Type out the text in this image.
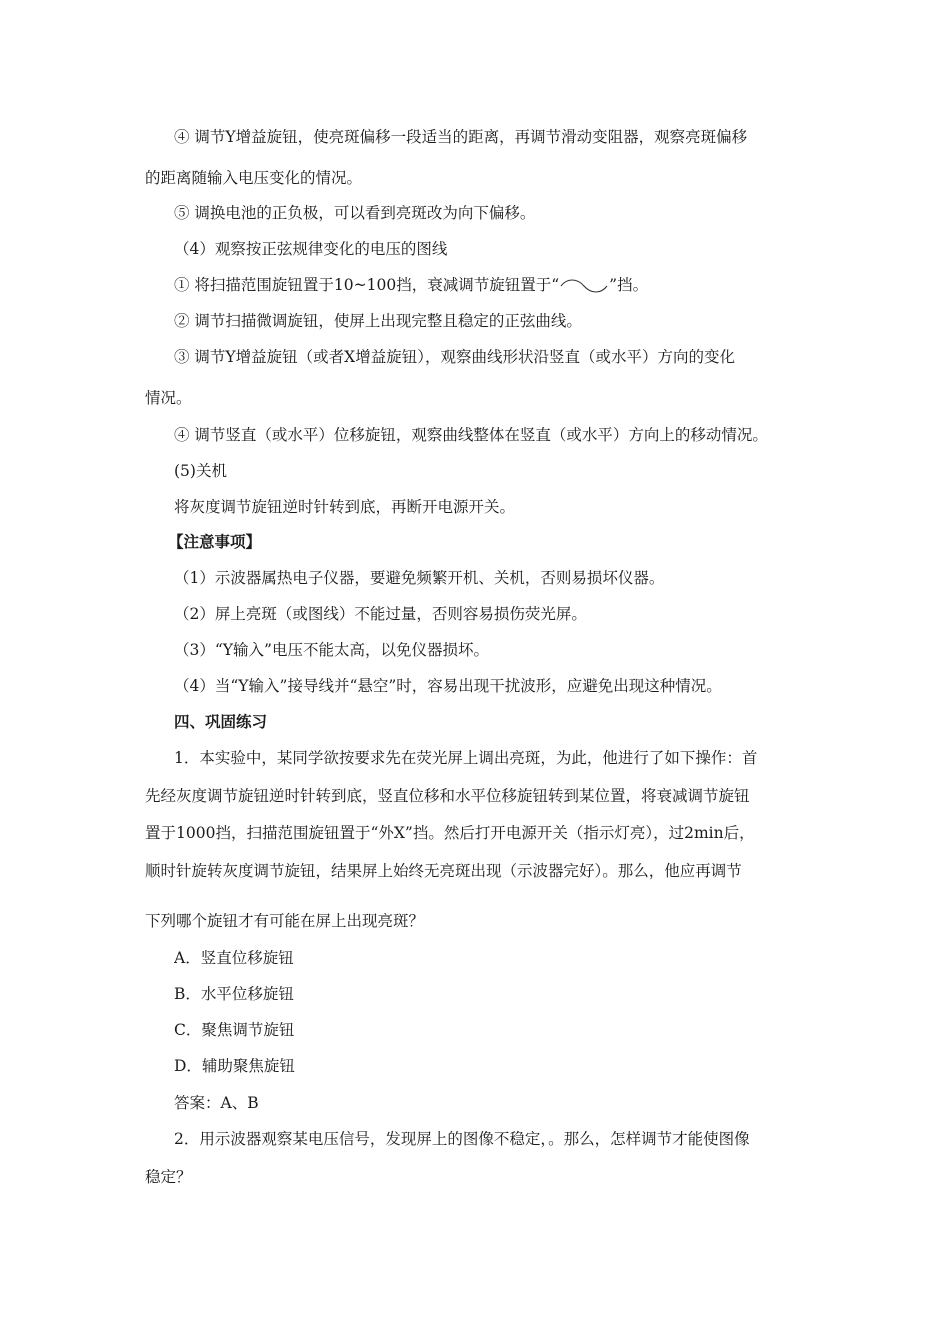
④ 调节Y增益旋钮，使亮斑偏移一段适当的距离，再调节滑动变阻器，观察亮斑偏移
的距离随输入电压变化的情况。
⑤ 调换电池的正负极，可以看到亮斑改为向下偏移。
（4）观察按正弦规律变化的电压的图线
① 将扫描范围旋钮置于10~100挡，衰减调节旋钮置于“	”挡。
② 调节扫描微调旋钮，使屏上出现完整且稳定的正弦曲线。
③ 调节Y增益旋钮（或者X增益旋钮），观察曲线形状沿竖直（或水平）方向的变化
情况。
④ 调节竖直（或水平）位移旋钮，观察曲线整体在竖直（或水平）方向上的移动情况。
(5)关机
将灰度调节旋钮逆时针转到底，再断开电源开关。
【注意事项】
（1）示波器属热电子仪器，要避免频繁开机、关机，否则易损坏仪器。
（2）屏上亮斑（或图线）不能过量，否则容易损伤荧光屏。
（3）“Y输入”电压不能太高，以免仪器损坏。
（4）当“Y输入”接导线并“悬空”时，容易出现干扰波形，应避免出现这种情况。
四、巩固练习
1．本实验中，某同学欲按要求先在荧光屏上调出亮斑，为此，他进行了如下操作：首
先经灰度调节旋钮逆时针转到底，竖直位移和水平位移旋钮转到某位置，将衰减调节旋钮
置于1000挡，扫描范围旋钮置于“外X”挡。然后打开电源开关（指示灯亮），过2min后，
顺时针旋转灰度调节旋钮，结果屏上始终无亮斑出现（示波器完好）。那么，他应再调节
下列哪个旋钮才有可能在屏上出现亮斑？
A．竖直位移旋钮
B．水平位移旋钮
C．聚焦调节旋钮
D．辅助聚焦旋钮
答案：A、B
2．用示波器观察某电压信号，发现屏上的图像不稳定，。那么，怎样调节才能使图像
稳定？
